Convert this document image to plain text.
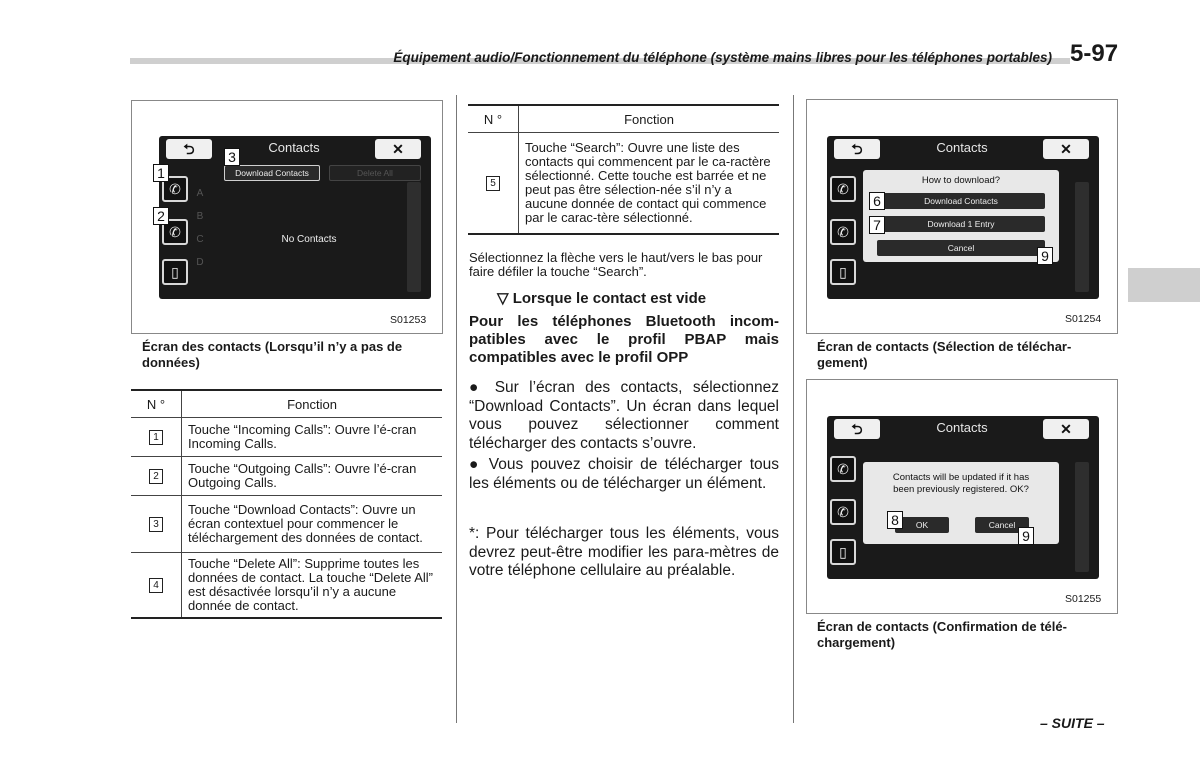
Équipement audio/Fonctionnement du téléphone (système mains libres pour les téléphones portables) 5-97
⮌	Contacts	✕
Download Contacts	Delete All
✆
✆
▯
A
B
C
D
No Contacts
1
2
3
S01253
Écran des contacts (Lorsqu’il n’y a pas de données)
N °	Fonction
1	Touche “Incoming Calls”: Ouvre l’é-cran Incoming Calls.
2	Touche “Outgoing Calls”: Ouvre l’é-cran Outgoing Calls.
3	Touche “Download Contacts”: Ouvre un écran contextuel pour commencer le téléchargement des données de contact.
4	Touche “Delete All”: Supprime toutes les données de contact. La touche “Delete All” est désactivée lorsqu’il n’y a aucune donnée de contact.
N °	Fonction
5	Touche “Search”: Ouvre une liste des contacts qui commencent par le ca-ractère sélectionné. Cette touche est barrée et ne peut pas être sélection-née s’il n’y a aucune donnée de contact qui commence par le carac-tère sélectionné.
Sélectionnez la flèche vers le haut/vers le bas pour faire défiler la touche “Search”.
▽ Lorsque le contact est vide
Pour les téléphones Bluetooth incom-patibles avec le profil PBAP mais compatibles avec le profil OPP
● Sur l’écran des contacts, sélectionnez “Download Contacts”. Un écran dans lequel vous pouvez sélectionner comment télécharger des contacts s’ouvre.
● Vous pouvez choisir de télécharger tous les éléments ou de télécharger un élément.
*: Pour télécharger tous les éléments, vous devrez peut-être modifier les para-mètres de votre téléphone cellulaire au préalable.
⮌	Contacts	✕
✆
✆
▯
How to download?
Download Contacts
Download 1 Entry
Cancel
6
7
9
S01254
Écran de contacts (Sélection de téléchar-gement)
⮌	Contacts	✕
✆
✆
▯
Contacts will be updated if it has
been previously registered. OK?
OK	Cancel
8
9
S01255
Écran de contacts (Confirmation de télé-chargement)
– SUITE –
